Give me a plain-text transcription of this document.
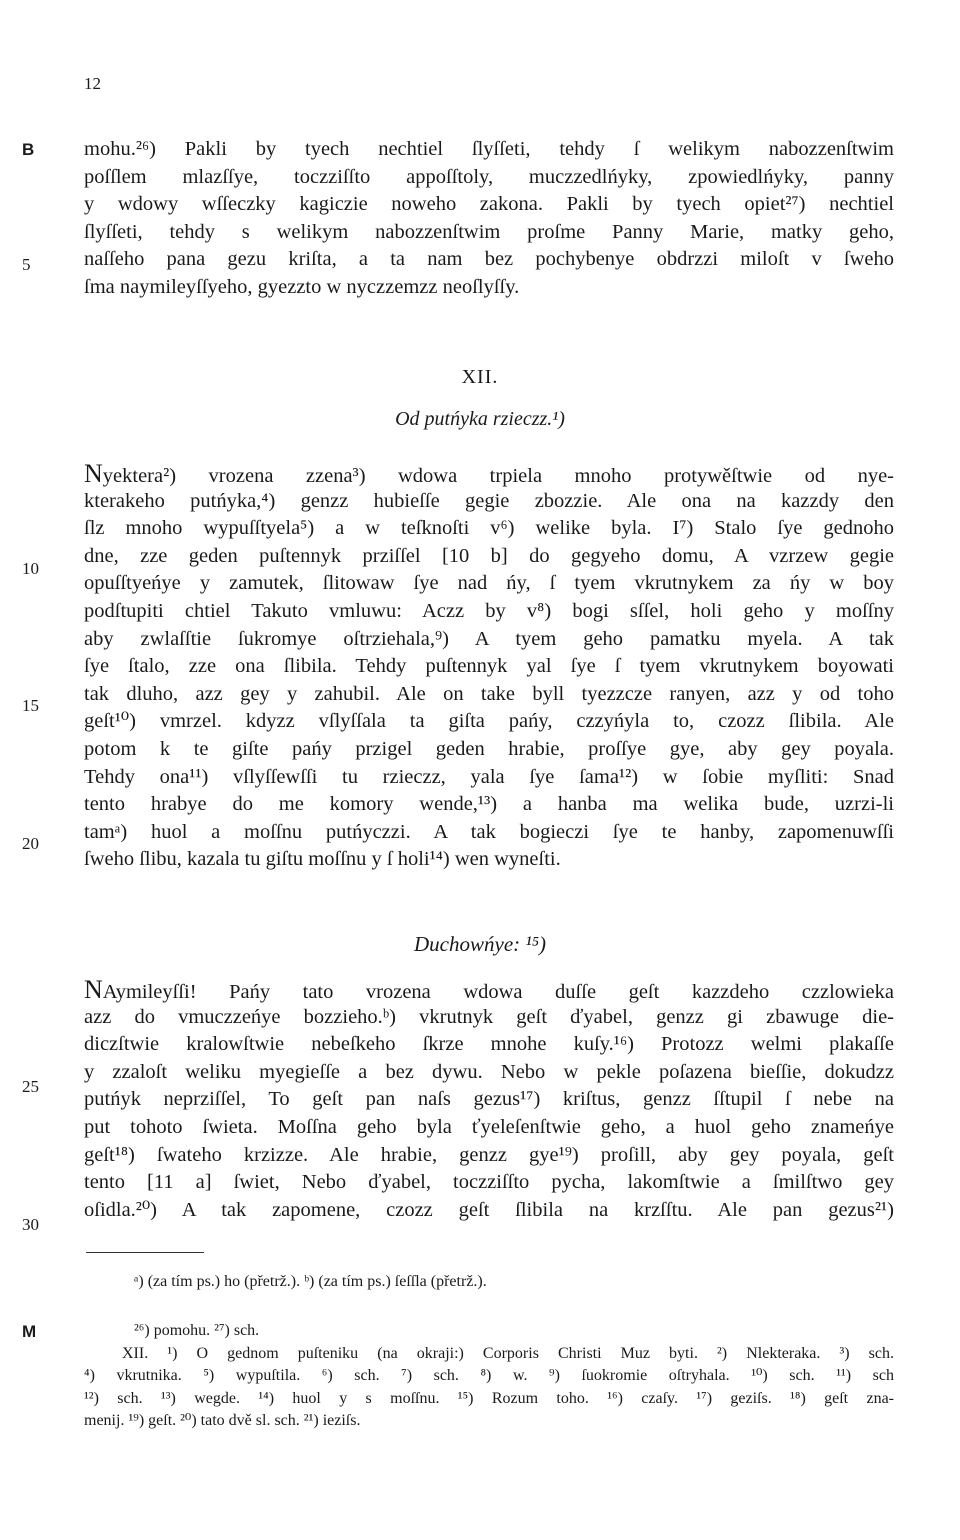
12

B
M
5
10
15
20
25
30
mohu.²⁶) Pakli by tyech nechtiel ſlyſſeti, tehdy ſ welikym nabozzenſtwim
poſſlem mlazſſye, toczziſſto appoſſtoly, muczzedlńyky, zpowiedlńyky, panny
y wdowy wſſeczky kagiczie noweho zakona. Pakli by tyech opiet²⁷) nechtiel
ſlyſſeti, tehdy s welikym nabozzenſtwim proſme Panny Marie, matky geho,
naſſeho pana gezu kriſta, a ta nam bez pochybenye obdrzzi miloſt v ſweho
ſma naymileyſſyeho, gyezzto w nyczzemzz neoſlyſſy.

XII.

Od putńyka rzieczz.¹)

Nyektera²) vrozena zzena³) wdowa trpiela mnoho protywěſtwie od nye-
kterakeho putńyka,⁴) genzz hubieſſe gegie zbozzie. Ale ona na kazzdy den
ſlz mnoho wypuſſtyela⁵) a w teſknoſti v⁶) welike byla. I⁷) Stalo ſye gednoho
dne, zze geden puſtennyk prziſſel [10 b] do gegyeho domu, A vzrzew gegie
opuſſtyeńye y zamutek, ſlitowaw ſye nad ńy, ſ tyem vkrutnykem za ńy w boy
podſtupiti chtiel Takuto vmluwu: Aczz by v⁸) bogi sſſel, holi geho y moſſny
aby zwlaſſtie ſukromye oſtrziehala,⁹) A tyem geho pamatku myela. A tak
ſye ſtalo, zze ona ſlibila. Tehdy puſtennyk yal ſye ſ tyem vkrutnykem boyowati
tak dluho, azz gey y zahubil. Ale on take byll tyezzcze ranyen, azz y od toho
geſt¹⁰) vmrzel. kdyzz vſlyſſala ta giſta pańy, czzyńyla to, czozz ſlibila. Ale
potom k te giſte pańy przigel geden hrabie, proſſye gye, aby gey poyala.
Tehdy ona¹¹) vſlyſſewſſi tu rzieczz, yala ſye ſama¹²) w ſobie myſliti: Snad
tento hrabye do me komory wende,¹³) a hanba ma welika bude, uzrzi-li
tamᵃ) huol a moſſnu putńyczzi. A tak bogieczi ſye te hanby, zapomenuwſſi
ſweho ſlibu, kazala tu giſtu moſſnu y ſ holi¹⁴) wen wyneſti.

Duchowńye: ¹⁵)

NAymileyſſi! Pańy tato vrozena wdowa duſſe geſt kazzdeho czzlowieka
azz do vmuczzeńye bozzieho.ᵇ) vkrutnyk geſt ďyabel, genzz gi zbawuge die-
diczſtwie kralowſtwie nebeſkeho ſkrze mnohe kuſy.¹⁶) Protozz welmi plakaſſe
y zzaloſt weliku myegieſſe a bez dywu. Nebo w pekle poſazena bieſſie, dokudzz
putńyk neprziſſel, To geſt pan naſs gezus¹⁷) kriſtus, genzz ſſtupil ſ nebe na
put tohoto ſwieta. Moſſna geho byla ťyeleſenſtwie geho, a huol geho znameńye
geſt¹⁸) ſwateho krzizze. Ale hrabie, genzz gye¹⁹) proſill, aby gey poyala, geſt
tento [11 a] ſwiet, Nebo ďyabel, toczziſſto pycha, lakomſtwie a ſmilſtwo gey
oſidla.²⁰) A tak zapomene, czozz geſt ſlibila na krzſſtu. Ale pan gezus²¹)
ᵃ) (za tím ps.) ho (přetrž.). ᵇ) (za tím ps.) ſeſſla (přetrž.).
²⁶) pomohu. ²⁷) sch.
XII. ¹) O gednom puſteniku (na okraji:) Corporis Christi Muz byti. ²) Nlekteraka. ³) sch.
⁴) vkrutnika. ⁵) wypuſtila. ⁶) sch. ⁷) sch. ⁸) w. ⁹) ſuokromie oſtryhala. ¹⁰) sch. ¹¹) sch
¹²) sch. ¹³) wegde. ¹⁴) huol y s moſſnu. ¹⁵) Rozum toho. ¹⁶) czaſy. ¹⁷) geziſs. ¹⁸) geſt zna-
menij. ¹⁹) geſt. ²⁰) tato dvě sl. sch. ²¹) ieziſs.
